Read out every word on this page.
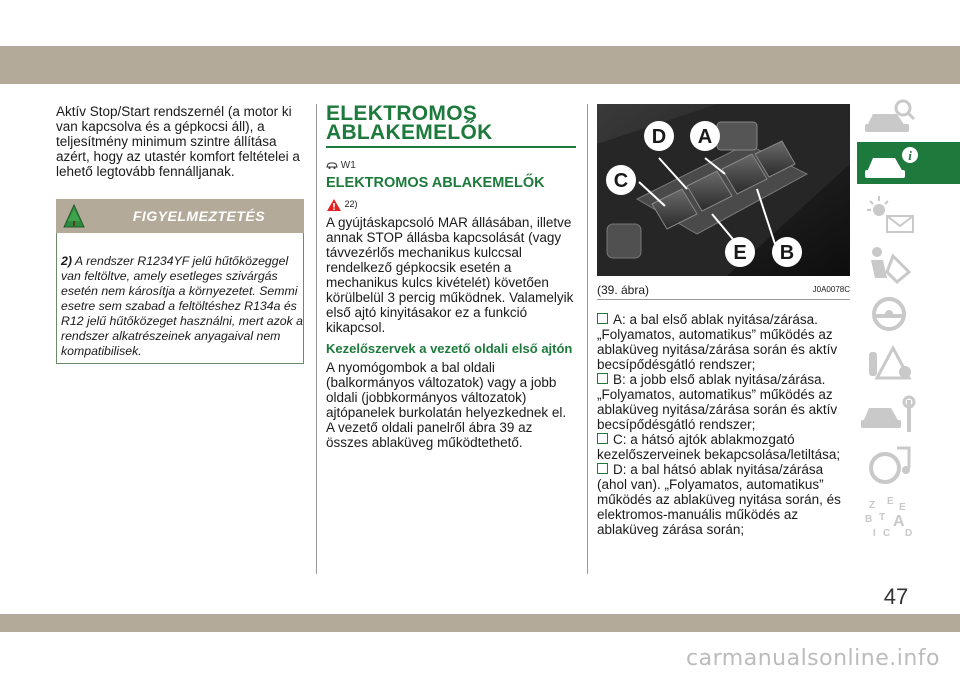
Aktív Stop/Start rendszernél (a motor ki van kapcsolva és a gépkocsi áll), a teljesítmény minimum szintre állítása azért, hogy az utastér komfort feltételei a lehető legtovább fennálljanak.

FIGYELMEZTETÉS
2) A rendszer R1234YF jelű hűtőközeggel van feltöltve, amely esetleges szivárgás esetén nem károsítja a környezetet. Semmi esetre sem szabad a feltöltéshez R134a és R12 jelű hűtőközeget használni, mert azok a rendszer alkatrészeinek anyagaival nem kompatibilisek.
ELEKTROMOS
ABLAKEMELŐK
W1
ELEKTROMOS ABLAKEMELŐK
22)

A gyújtáskapcsoló MAR állásában, illetve annak STOP állásba kapcsolását (vagy távvezérlős mechanikus kulccsal rendelkező gépkocsik esetén a mechanikus kulcs kivételét) követően körülbelül 3 percig működnek. Valamelyik első ajtó kinyitásakor ez a funkció kikapcsol.

Kezelőszervek a vezető oldali első ajtón

A nyomógombok a bal oldali (balkormányos változatok) vagy a jobb oldali (jobbkormányos változatok) ajtópanelek burkolatán helyezkednek el. A vezető oldali panelről ábra 39 az összes ablaküveg működtethető.

D A
C
E B
(39. ábra)	J0A0078C

A: a bal első ablak nyitása/zárása. „Folyamatos, automatikus” működés az ablaküveg nyitása/zárása során és aktív becsípődésgátló rendszer;

B: a jobb első ablak nyitása/zárása. „Folyamatos, automatikus” működés az ablaküveg nyitása/zárása során és aktív becsípődésgátló rendszer;

C: a hátsó ajtók ablakmozgató kezelőszerveinek bekapcsolása/letiltása;

D: a bal hátsó ablak nyitása/zárása (ahol van). „Folyamatos, automatikus” működés az ablaküveg nyitása során, és elektromos-manuális működés az ablaküveg zárása során;

i
Z E
E
B A
I C D
T
47
carmanualsonline.info
